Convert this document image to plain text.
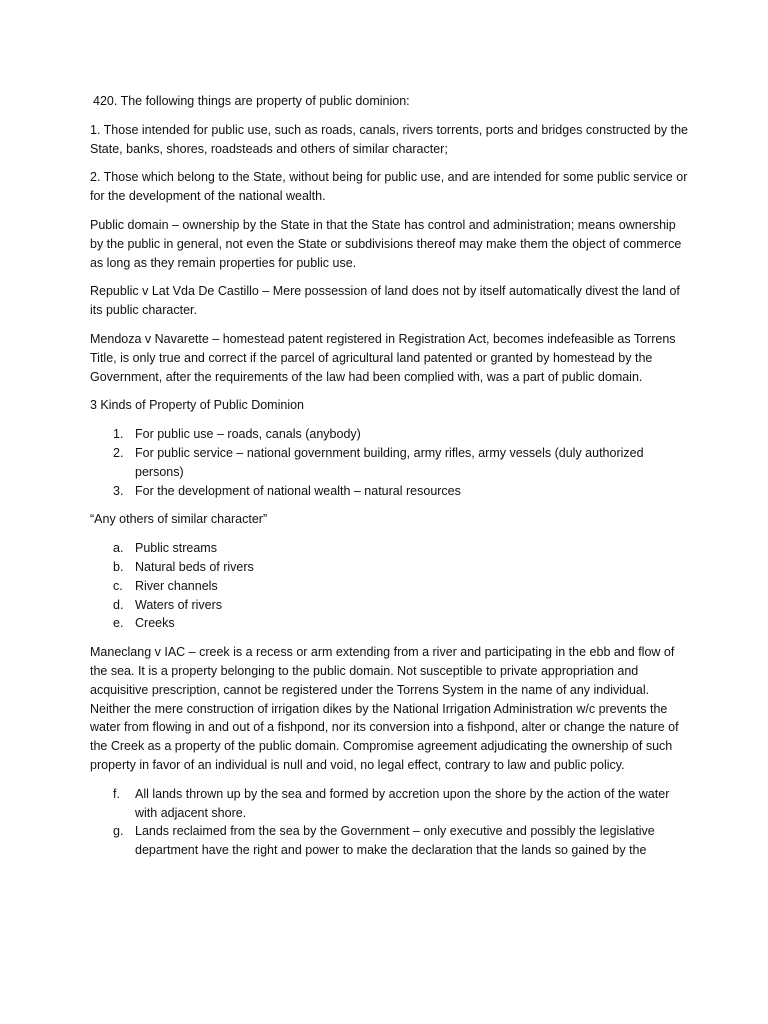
420. The following things are property of public dominion:

1. Those intended for public use, such as roads, canals, rivers torrents, ports and bridges constructed by the State, banks, shores, roadsteads and others of similar character;

2. Those which belong to the State, without being for public use, and are intended for some public service or for the development of the national wealth.

Public domain – ownership by the State in that the State has control and administration; means ownership by the public in general, not even the State or subdivisions thereof may make them the object of commerce as long as they remain properties for public use.

Republic v Lat Vda De Castillo – Mere possession of land does not by itself automatically divest the land of its public character.

Mendoza v Navarette – homestead patent registered in Registration Act, becomes indefeasible as Torrens Title, is only true and correct if the parcel of agricultural land patented or granted by homestead by the Government, after the requirements of the law had been complied with, was a part of public domain.

3 Kinds of Property of Public Dominion

1. For public use – roads, canals (anybody)
2. For public service – national government building, army rifles, army vessels (duly authorized persons)
3. For the development of national wealth – natural resources

“Any others of similar character”

a. Public streams
b. Natural beds of rivers
c. River channels
d. Waters of rivers
e. Creeks

Maneclang v IAC – creek is a recess or arm extending from a river and participating in the ebb and flow of the sea. It is a property belonging to the public domain. Not susceptible to private appropriation and acquisitive prescription, cannot be registered under the Torrens System in the name of any individual. Neither the mere construction of irrigation dikes by the National Irrigation Administration w/c prevents the water from flowing in and out of a fishpond, nor its conversion into a fishpond, alter or change the nature of the Creek as a property of the public domain. Compromise agreement adjudicating the ownership of such property in favor of an individual is null and void, no legal effect, contrary to law and public policy.

f. All lands thrown up by the sea and formed by accretion upon the shore by the action of the water with adjacent shore.
g. Lands reclaimed from the sea by the Government – only executive and possibly the legislative department have the right and power to make the declaration that the lands so gained by the
